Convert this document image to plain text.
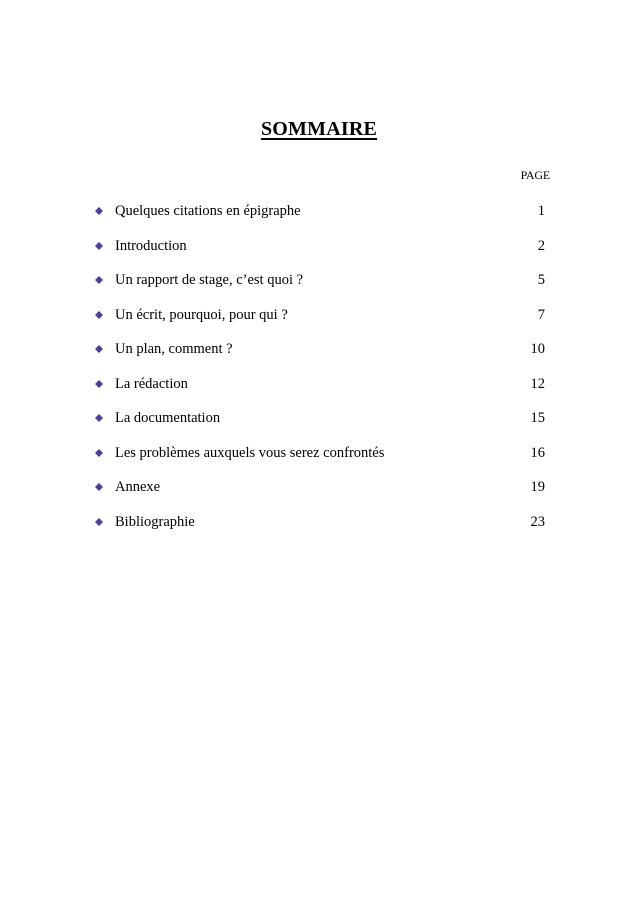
SOMMAIRE
PAGE
Quelques citations en épigraphe	1
Introduction	2
Un rapport de stage, c’est quoi ?	5
Un écrit, pourquoi, pour qui ?	7
Un plan, comment ?	10
La rédaction	12
La documentation	15
Les problèmes auxquels vous serez confrontés	16
Annexe	19
Bibliographie	23
